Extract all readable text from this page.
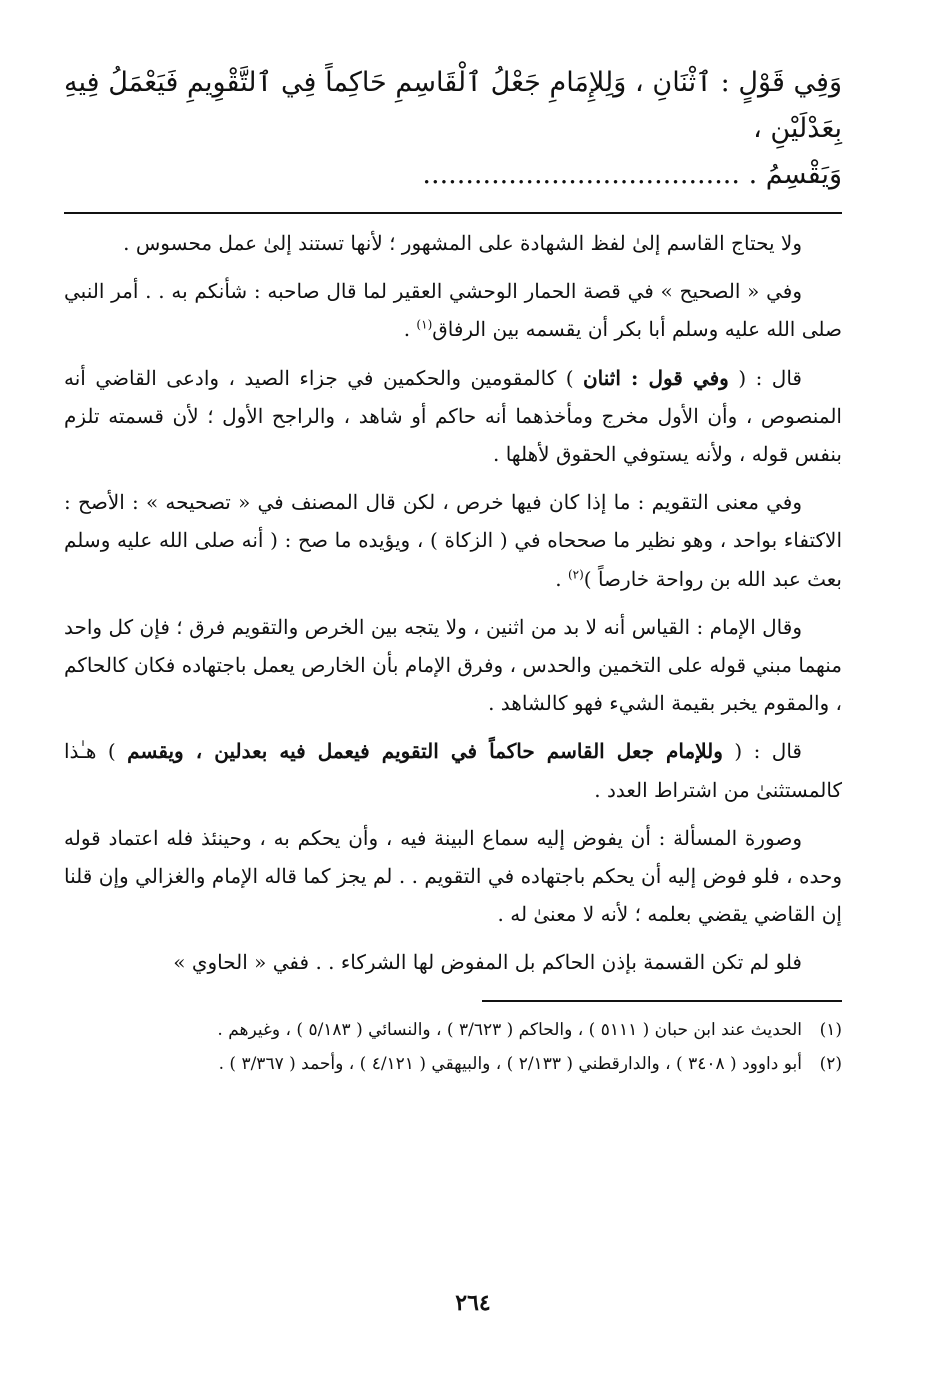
وَفِي قَوْلٍ : ٱثْنَانِ ، وَلِلإِمَامِ جَعْلُ ٱلْقَاسِمِ حَاكِماً فِي ٱلتَّقْوِيمِ فَيَعْمَلُ فِيهِ بِعَدْلَيْنِ ،
وَيَقْسِمُ . .....................................

ولا يحتاج القاسم إلىٰ لفظ الشهادة على المشهور ؛ لأنها تستند إلىٰ عمل محسوس .

وفي « الصحيح » في قصة الحمار الوحشي العقير لما قال صاحبه : شأنكم به . . أمر النبي صلى الله عليه وسلم أبا بكر أن يقسمه بين الرفاق$^{(١)}$ .

قال : ( وفي قول : اثنان ) كالمقومين والحكمين في جزاء الصيد ، وادعى القاضي أنه المنصوص ، وأن الأول مخرج ومأخذهما أنه حاكم أو شاهد ، والراجح الأول ؛ لأن قسمته تلزم بنفس قوله ، ولأنه يستوفي الحقوق لأهلها .

وفي معنى التقويم : ما إذا كان فيها خرص ، لكن قال المصنف في « تصحيحه » : الأصح : الاكتفاء بواحد ، وهو نظير ما صححاه في ( الزكاة ) ، ويؤيده ما صح : ( أنه صلى الله عليه وسلم بعث عبد الله بن رواحة خارصاً )$^{(٢)}$ .

وقال الإمام : القياس أنه لا بد من اثنين ، ولا يتجه بين الخرص والتقويم فرق ؛ فإن كل واحد منهما مبني قوله على التخمين والحدس ، وفرق الإمام بأن الخارص يعمل باجتهاده فكان كالحاكم ، والمقوم يخبر بقيمة الشيء فهو كالشاهد .

قال : ( وللإمام جعل القاسم حاكماً في التقويم فيعمل فيه بعدلين ، ويقسم ) هـٰذا كالمستثنىٰ من اشتراط العدد .

وصورة المسألة : أن يفوض إليه سماع البينة فيه ، وأن يحكم به ، وحينئذ فله اعتماد قوله وحده ، فلو فوض إليه أن يحكم باجتهاده في التقويم . . لم يجز كما قاله الإمام والغزالي وإن قلنا إن القاضي يقضي بعلمه ؛ لأنه لا معنىٰ له .

فلو لم تكن القسمة بإذن الحاكم بل المفوض لها الشركاء . . ففي « الحاوي »

(١)
الحديث عند ابن حبان ( ٥١١١ ) ، والحاكم ( ٣/٦٢٣ ) ، والنسائي ( ٥/١٨٣ ) ، وغيرهم .
(٢)
أبو داوود ( ٣٤٠٨ ) ، والدارقطني ( ٢/١٣٣ ) ، والبيهقي ( ٤/١٢١ ) ، وأحمد ( ٣/٣٦٧ ) .
٢٦٤
